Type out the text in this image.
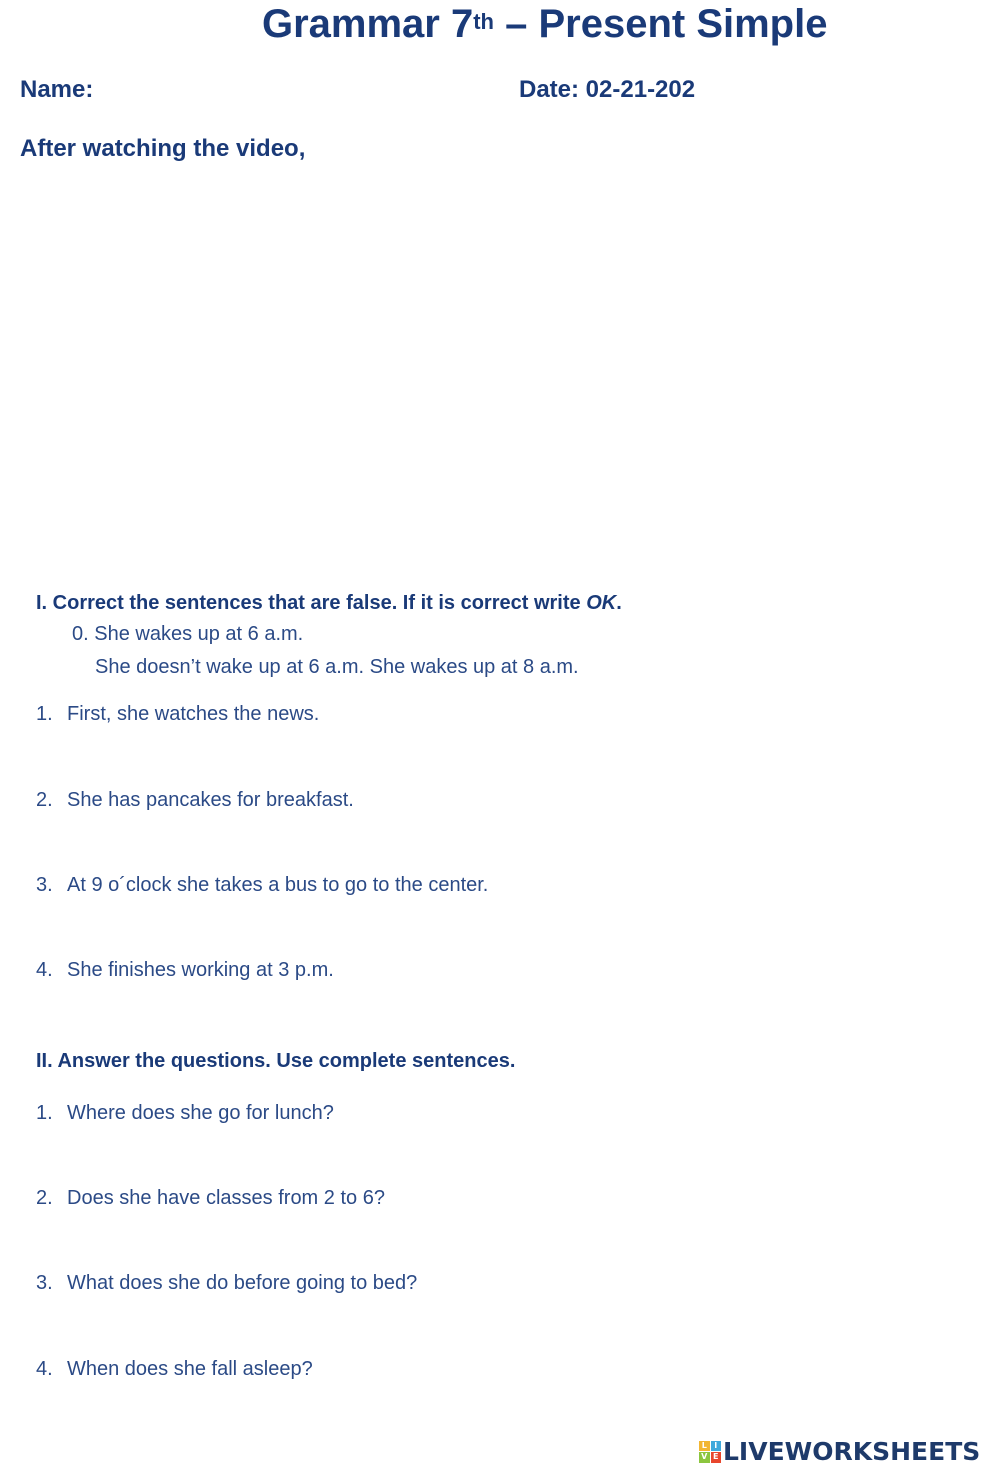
Grammar 7th – Present Simple
Name:	Date: 02-21-202
After watching the video,
I. Correct the sentences that are false. If it is correct write OK.
0. She wakes up at 6 a.m.
She doesn’t wake up at 6 a.m. She wakes up at 8 a.m.
1. First, she watches the news.
2. She has pancakes for breakfast.
3. At 9 o´clock she takes a bus to go to the center.
4. She finishes working at 3 p.m.
II. Answer the questions. Use complete sentences.
1. Where does she go for lunch?
2. Does she have classes from 2 to 6?
3. What does she do before going to bed?
4. When does she fall asleep?
L I
V E LIVEWORKSHEETS
